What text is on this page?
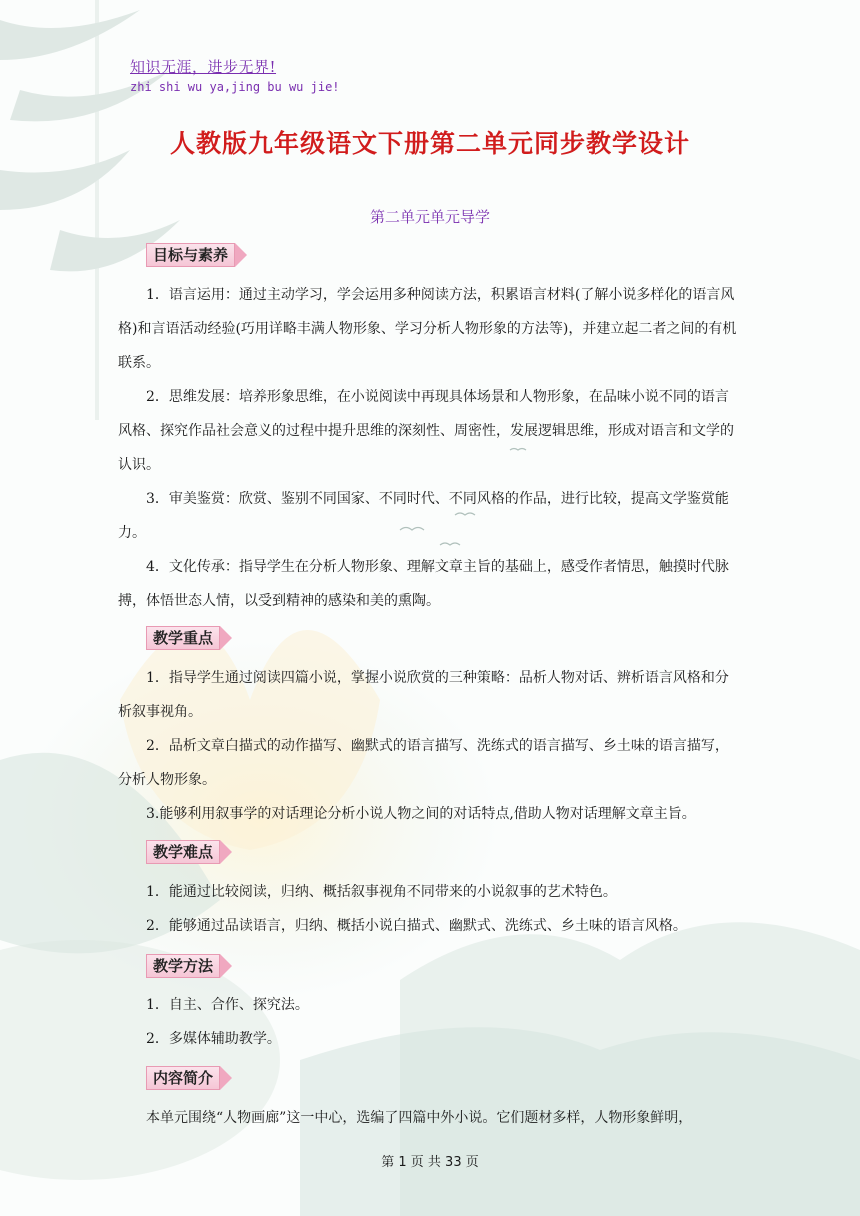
知识无涯，进步无界!
zhi shi wu ya,jing bu wu jie!
人教版九年级语文下册第二单元同步教学设计
第二单元单元导学
目标与素养
1．语言运用：通过主动学习，学会运用多种阅读方法，积累语言材料(了解小说多样化的语言风格)和言语活动经验(巧用详略丰满人物形象、学习分析人物形象的方法等)，并建立起二者之间的有机联系。
2．思维发展：培养形象思维，在小说阅读中再现具体场景和人物形象，在品味小说不同的语言风格、探究作品社会意义的过程中提升思维的深刻性、周密性，发展逻辑思维，形成对语言和文学的认识。
3．审美鉴赏：欣赏、鉴别不同国家、不同时代、不同风格的作品，进行比较，提高文学鉴赏能力。
4．文化传承：指导学生在分析人物形象、理解文章主旨的基础上，感受作者情思，触摸时代脉搏，体悟世态人情，以受到精神的感染和美的熏陶。
教学重点
1．指导学生通过阅读四篇小说，掌握小说欣赏的三种策略：品析人物对话、辨析语言风格和分析叙事视角。
2．品析文章白描式的动作描写、幽默式的语言描写、洗练式的语言描写、乡土味的语言描写，分析人物形象。
3.能够利用叙事学的对话理论分析小说人物之间的对话特点,借助人物对话理解文章主旨。
教学难点
1．能通过比较阅读，归纳、概括叙事视角不同带来的小说叙事的艺术特色。
2．能够通过品读语言，归纳、概括小说白描式、幽默式、洗练式、乡土味的语言风格。
教学方法
1．自主、合作、探究法。
2．多媒体辅助教学。
内容简介
本单元围绕“人物画廊”这一中心，选编了四篇中外小说。它们题材多样，人物形象鲜明，
第 1 页 共 33 页
